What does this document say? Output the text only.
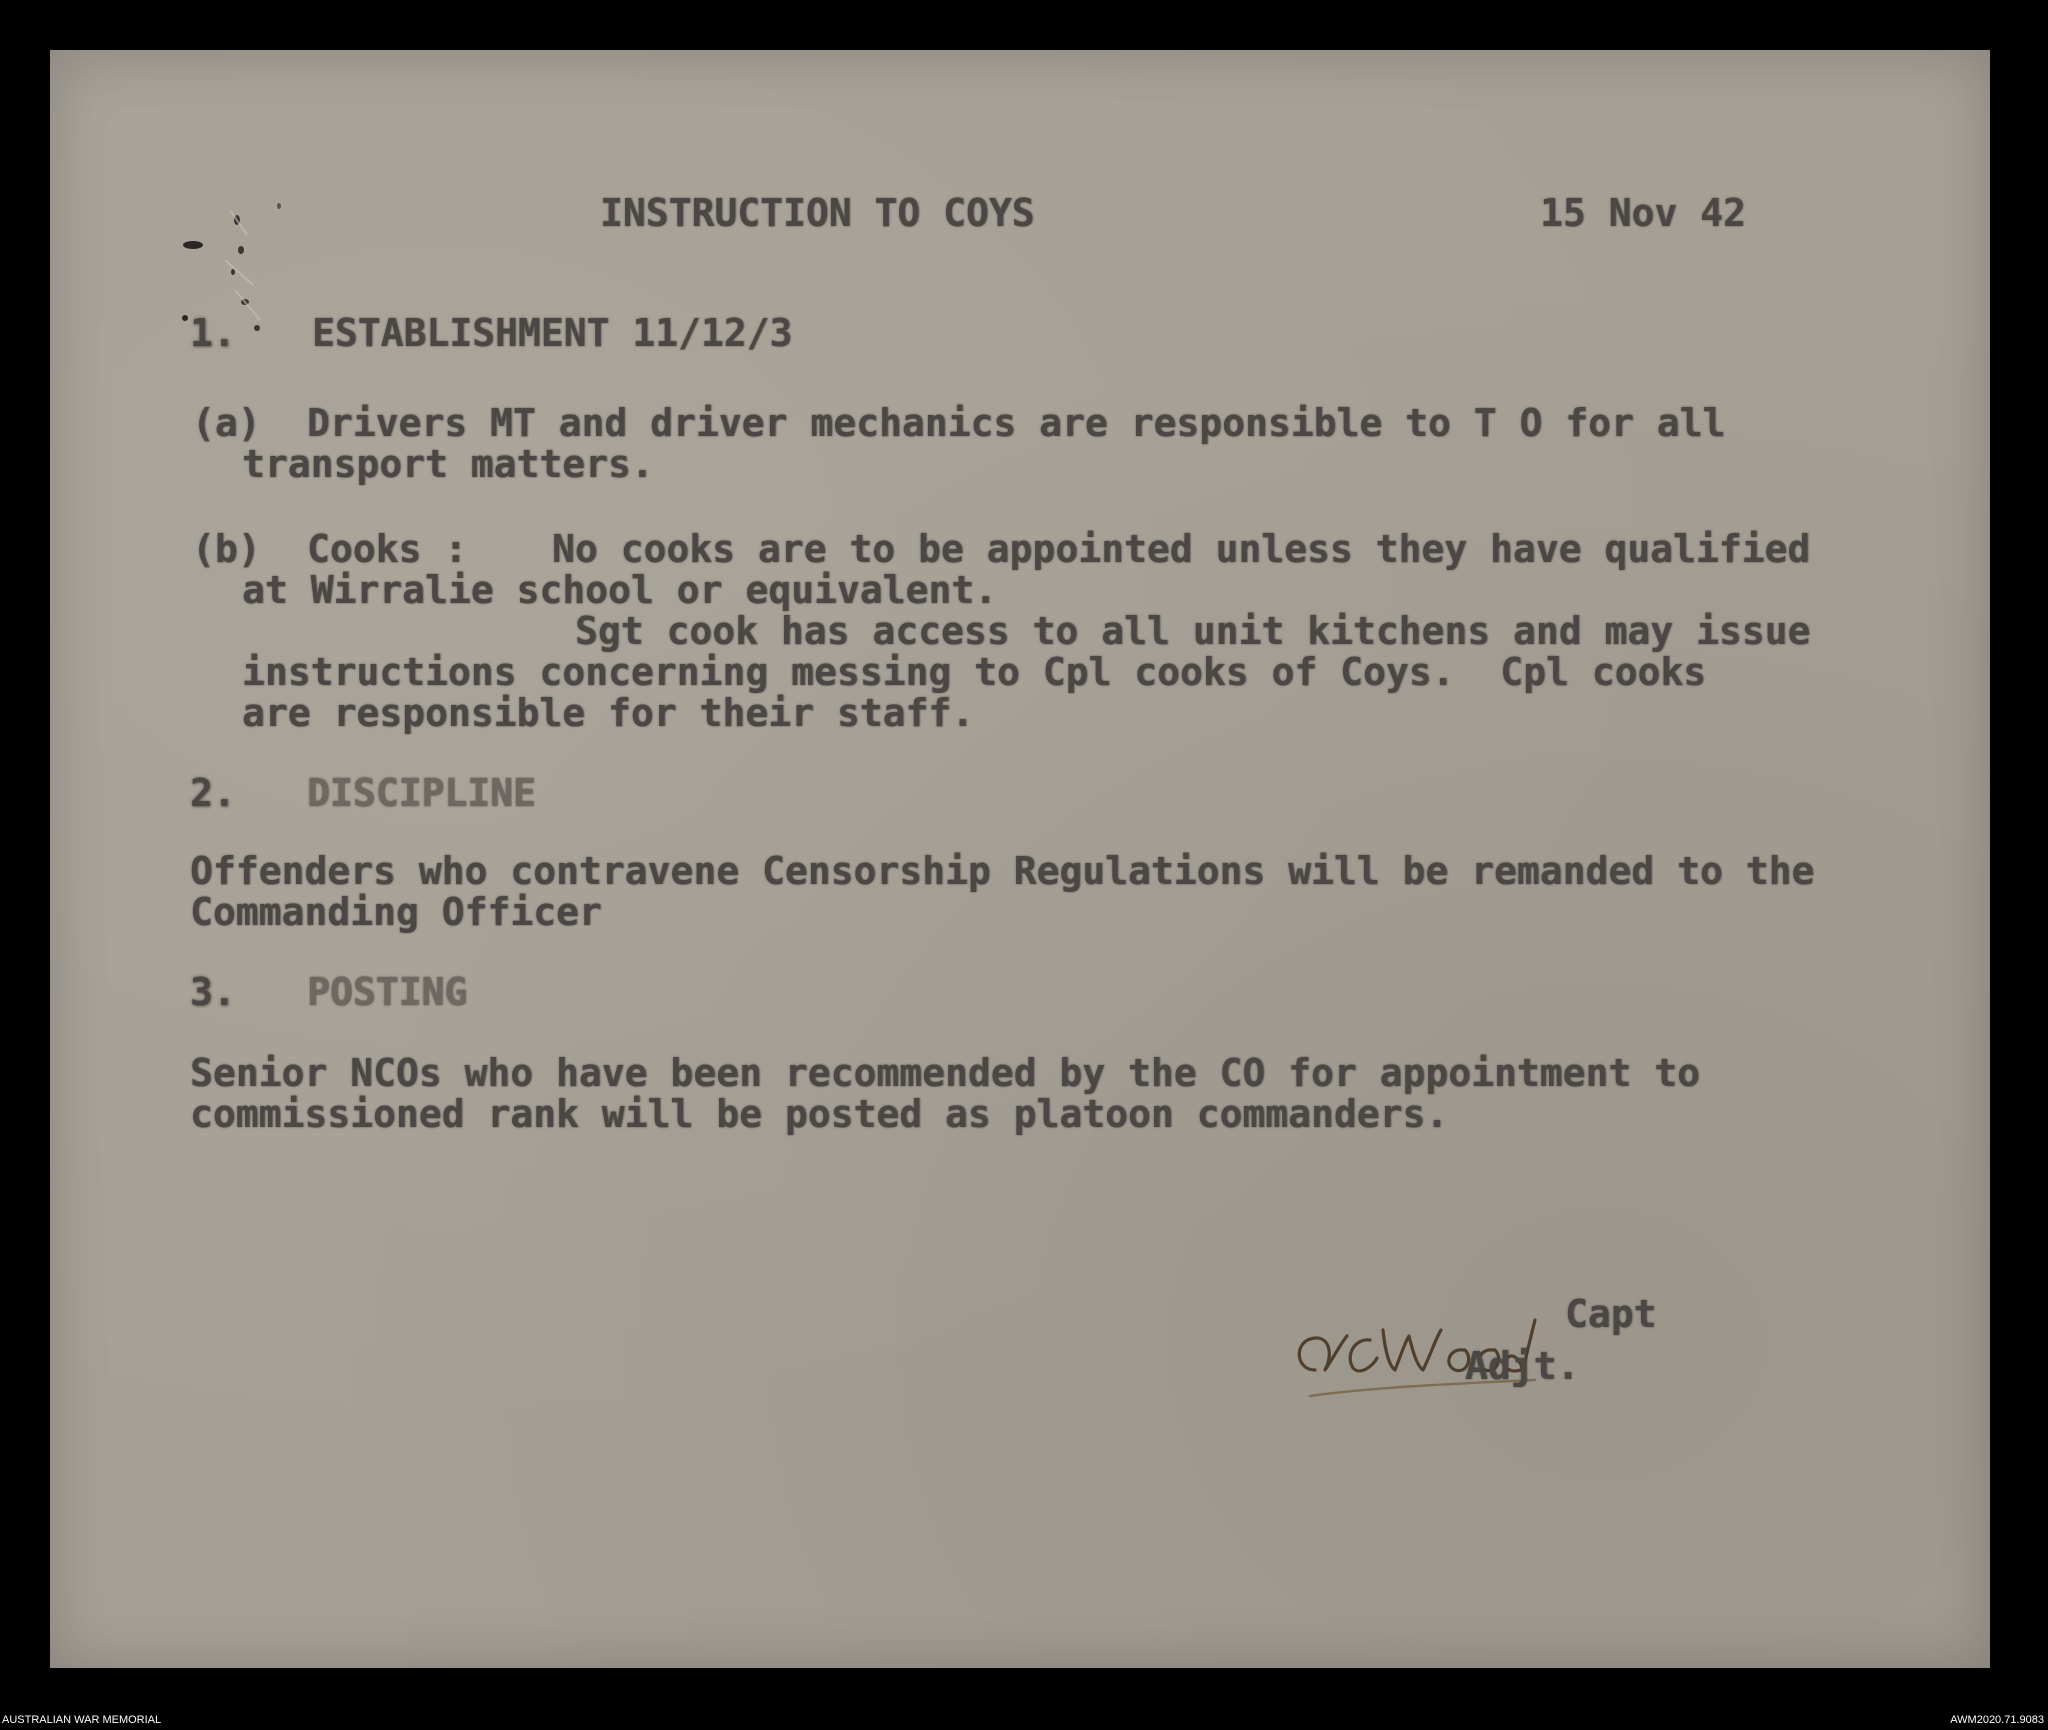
INSTRUCTION TO COYS	15 Nov 42
1. ESTABLISHMENT 11/12/3
(a) Drivers MT and driver mechanics are responsible to T O for all
transport matters.
(b) Cooks : No cooks are to be appointed unless they have qualified
at Wirralie school or equivalent.
Sgt cook has access to all unit kitchens and may issue
instructions concerning messing to Cpl cooks of Coys.  Cpl cooks
are responsible for their staff.
2. DISCIPLINE
Offenders who contravene Censorship Regulations will be remanded to the
Commanding Officer
3. POSTING
Senior NCOs who have been recommended by the CO for appointment to
commissioned rank will be posted as platoon commanders.
Capt
Adjt.
AUSTRALIAN WAR MEMORIAL	AWM2020.71.9083
